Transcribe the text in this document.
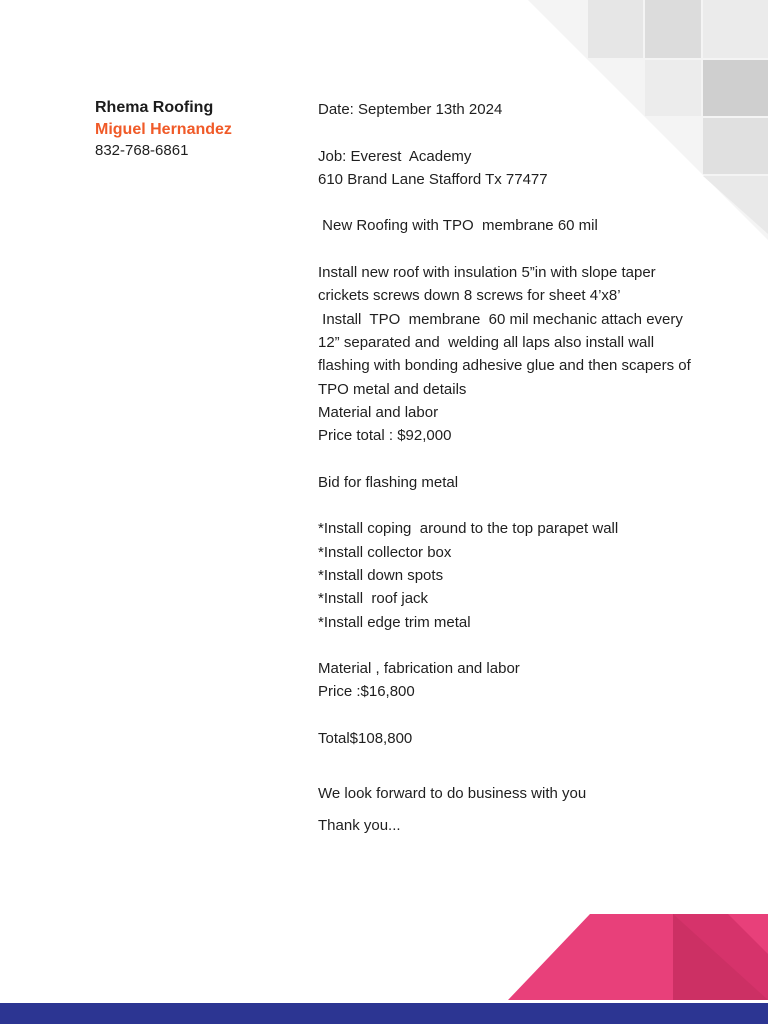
Rhema Roofing
Miguel Hernandez
832-768-6861
Date: September 13th 2024
Job: Everest  Academy
610 Brand Lane Stafford Tx 77477
New Roofing with TPO  membrane 60 mil
Install new roof with insulation 5”in with slope taper
crickets screws down 8 screws for sheet 4’x8’
Install  TPO  membrane  60 mil mechanic attach every
12” separated and  welding all laps also install wall
flashing with bonding adhesive glue and then scapers of
TPO metal and details
Material and labor
Price total : $92,000
Bid for flashing metal
*Install coping  around to the top parapet wall
*Install collector box
*Install down spots
*Install  roof jack
*Install edge trim metal
Material , fabrication and labor
Price :$16,800
Total$108,800
We look forward to do business with you
Thank you...
